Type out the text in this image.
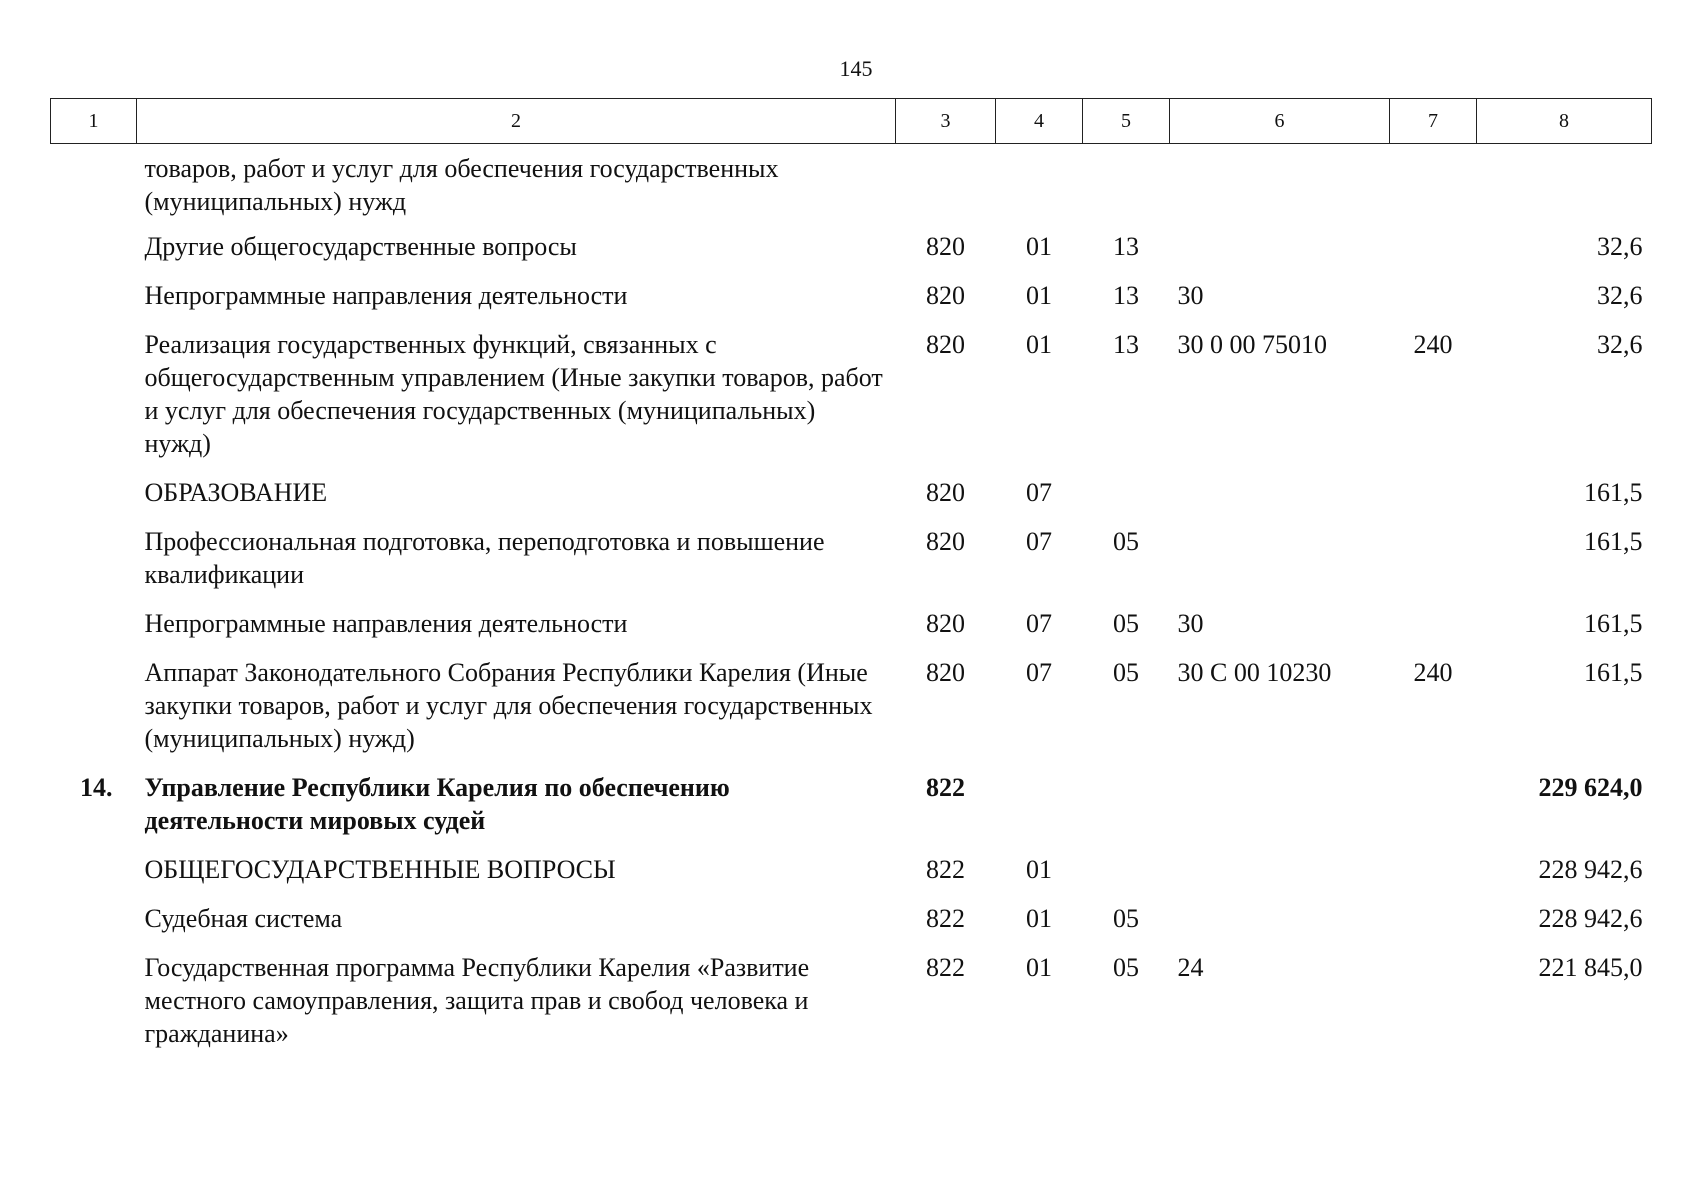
145
1	2	3	4	5	6	7	8
	товаров, работ и услуг для обеспечения государственных (муниципальных) нужд						
	Другие общегосударственные вопросы	820	01	13			32,6
	Непрограммные направления деятельности	820	01	13	30		32,6
	Реализация государственных функций, связанных с общегосударственным управлением (Иные закупки товаров, работ и услуг для обеспечения государственных (муниципальных) нужд)	820	01	13	30 0 00 75010	240	32,6
	ОБРАЗОВАНИЕ	820	07				161,5
	Профессиональная подготовка, переподготовка и повышение квалификации	820	07	05			161,5
	Непрограммные направления деятельности	820	07	05	30		161,5
	Аппарат Законодательного Собрания Республики Карелия (Иные закупки товаров, работ и услуг для обеспечения государственных (муниципальных) нужд)	820	07	05	30 С 00 10230	240	161,5
14.	Управление Республики Карелия по обеспечению деятельности мировых судей	822					229 624,0
	ОБЩЕГОСУДАРСТВЕННЫЕ ВОПРОСЫ	822	01				228 942,6
	Судебная система	822	01	05			228 942,6
	Государственная программа Республики Карелия «Развитие местного самоуправления, защита прав и свобод человека и гражданина»	822	01	05	24		221 845,0
